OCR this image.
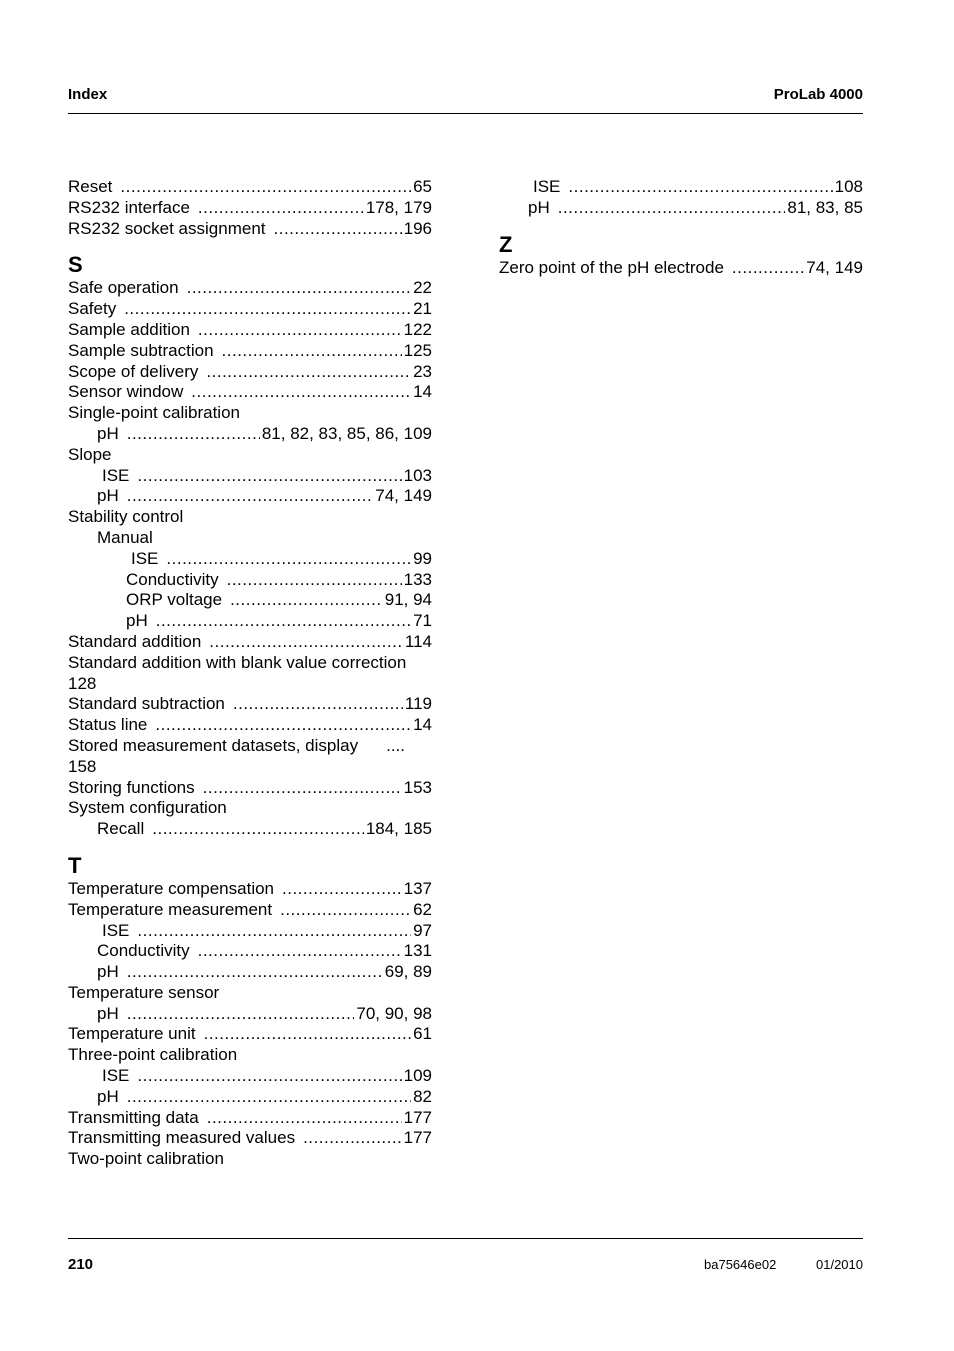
Index	ProLab 4000
Reset .....	65
RS232 interface .....	178, 179
RS232 socket assignment .....	196
S
Safe operation .....	22
Safety .....	21
Sample addition .....	122
Sample subtraction .....	125
Scope of delivery .....	23
Sensor window .....	14
Single-point calibration
pH .....	81, 82, 83, 85, 86, 109
Slope
ISE .....	103
pH .....	74, 149
Stability control
Manual
ISE .....	99
Conductivity .....	133
ORP voltage .....	91, 94
pH .....	71
Standard addition .....	114
Standard addition with blank value correction
128
Standard subtraction .....	119
Status line .....	14
Stored measurement datasets, display ....
158
Storing functions .....	153
System configuration
Recall .....	184, 185
T
Temperature compensation .....	137
Temperature measurement .....	62
ISE .....	97
Conductivity .....	131
pH .....	69, 89
Temperature sensor
pH .....	70, 90, 98
Temperature unit .....	61
Three-point calibration
ISE .....	109
pH .....	82
Transmitting data .....	177
Transmitting measured values .....	177
Two-point calibration
ISE .....	108
pH .....	81, 83, 85
Z
Zero point of the pH electrode .....	74, 149
210	ba75646e02	01/2010
